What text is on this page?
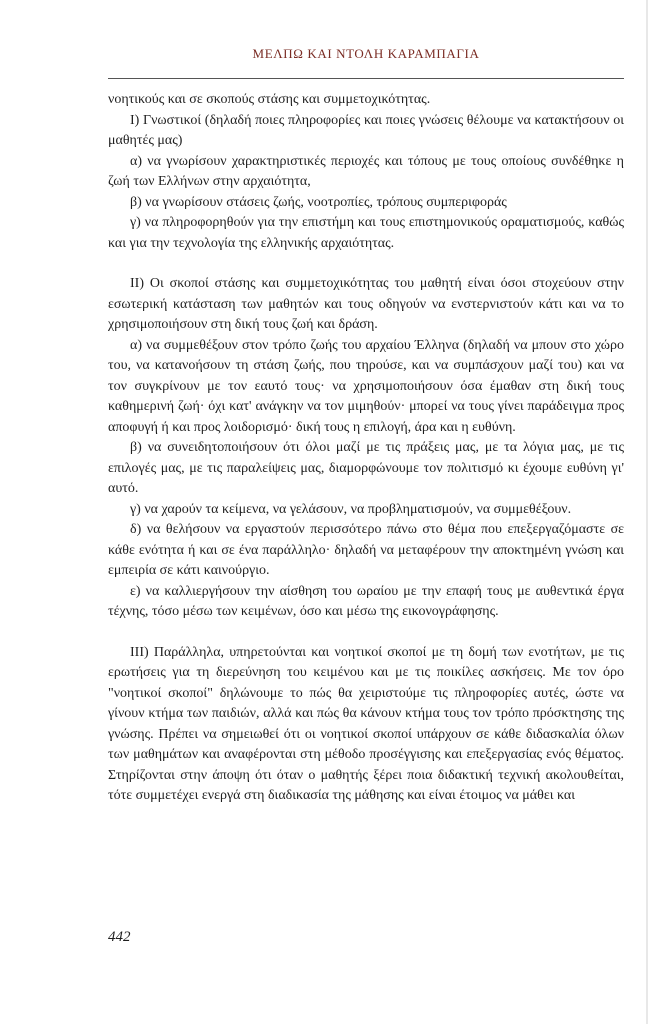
ΜΕΛΠΩ ΚΑΙ ΝΤΟΛΗ ΚΑΡΑΜΠΑΓΙΑ

νοητικούς και σε σκοπούς στάσης και συμμετοχικότητας.

I) Γνωστικοί (δηλαδή ποιες πληροφορίες και ποιες γνώσεις θέλουμε να κατακτήσουν οι μαθητές μας)

α) να γνωρίσουν χαρακτηριστικές περιοχές και τόπους με τους οποίους συνδέθηκε η ζωή των Ελλήνων στην αρχαιότητα,

β) να γνωρίσουν στάσεις ζωής, νοοτροπίες, τρόπους συμπεριφοράς

γ) να πληροφορηθούν για την επιστήμη και τους επιστημονικούς οραματισμούς, καθώς και για την τεχνολογία της ελληνικής αρχαιότητας.

II) Οι σκοποί στάσης και συμμετοχικότητας του μαθητή είναι όσοι στοχεύουν στην εσωτερική κατάσταση των μαθητών και τους οδηγούν να ενστερνιστούν κάτι και να το χρησιμοποιήσουν στη δική τους ζωή και δράση.

α) να συμμεθέξουν στον τρόπο ζωής του αρχαίου Έλληνα (δηλαδή να μπουν στο χώρο του, να κατανοήσουν τη στάση ζωής, που τηρούσε, και να συμπάσχουν μαζί του) και να τον συγκρίνουν με τον εαυτό τους· να χρησιμοποιήσουν όσα έμαθαν στη δική τους καθημερινή ζωή· όχι κατ' ανάγκην να τον μιμηθούν· μπορεί να τους γίνει παράδειγμα προς αποφυγή ή και προς λοιδορισμό· δική τους η επιλογή, άρα και η ευθύνη.

β) να συνειδητοποιήσουν ότι όλοι μαζί με τις πράξεις μας, με τα λόγια μας, με τις επιλογές μας, με τις παραλείψεις μας, διαμορφώνουμε τον πολιτισμό κι έχουμε ευθύνη γι' αυτό.

γ) να χαρούν τα κείμενα, να γελάσουν, να προβληματισμούν, να συμμεθέξουν.

δ) να θελήσουν να εργαστούν περισσότερο πάνω στο θέμα που επεξεργαζόμαστε σε κάθε ενότητα ή και σε ένα παράλληλο· δηλαδή να μεταφέρουν την αποκτημένη γνώση και εμπειρία σε κάτι καινούργιο.

ε) να καλλιεργήσουν την αίσθηση του ωραίου με την επαφή τους με αυθεντικά έργα τέχνης, τόσο μέσω των κειμένων, όσο και μέσω της εικονογράφησης.

III) Παράλληλα, υπηρετούνται και νοητικοί σκοποί με τη δομή των ενοτήτων, με τις ερωτήσεις για τη διερεύνηση του κειμένου και με τις ποικίλες ασκήσεις. Με τον όρο "νοητικοί σκοποί" δηλώνουμε το πώς θα χειριστούμε τις πληροφορίες αυτές, ώστε να γίνουν κτήμα των παιδιών, αλλά και πώς θα κάνουν κτήμα τους τον τρόπο πρόσκτησης της γνώσης. Πρέπει να σημειωθεί ότι οι νοητικοί σκοποί υπάρχουν σε κάθε διδασκαλία όλων των μαθημάτων και αναφέρονται στη μέθοδο προσέγγισης και επεξεργασίας ενός θέματος. Στηρίζονται στην άποψη ότι όταν ο μαθητής ξέρει ποια διδακτική τεχνική ακολουθείται, τότε συμμετέχει ενεργά στη διαδικασία της μάθησης και είναι έτοιμος να μάθει και

442
